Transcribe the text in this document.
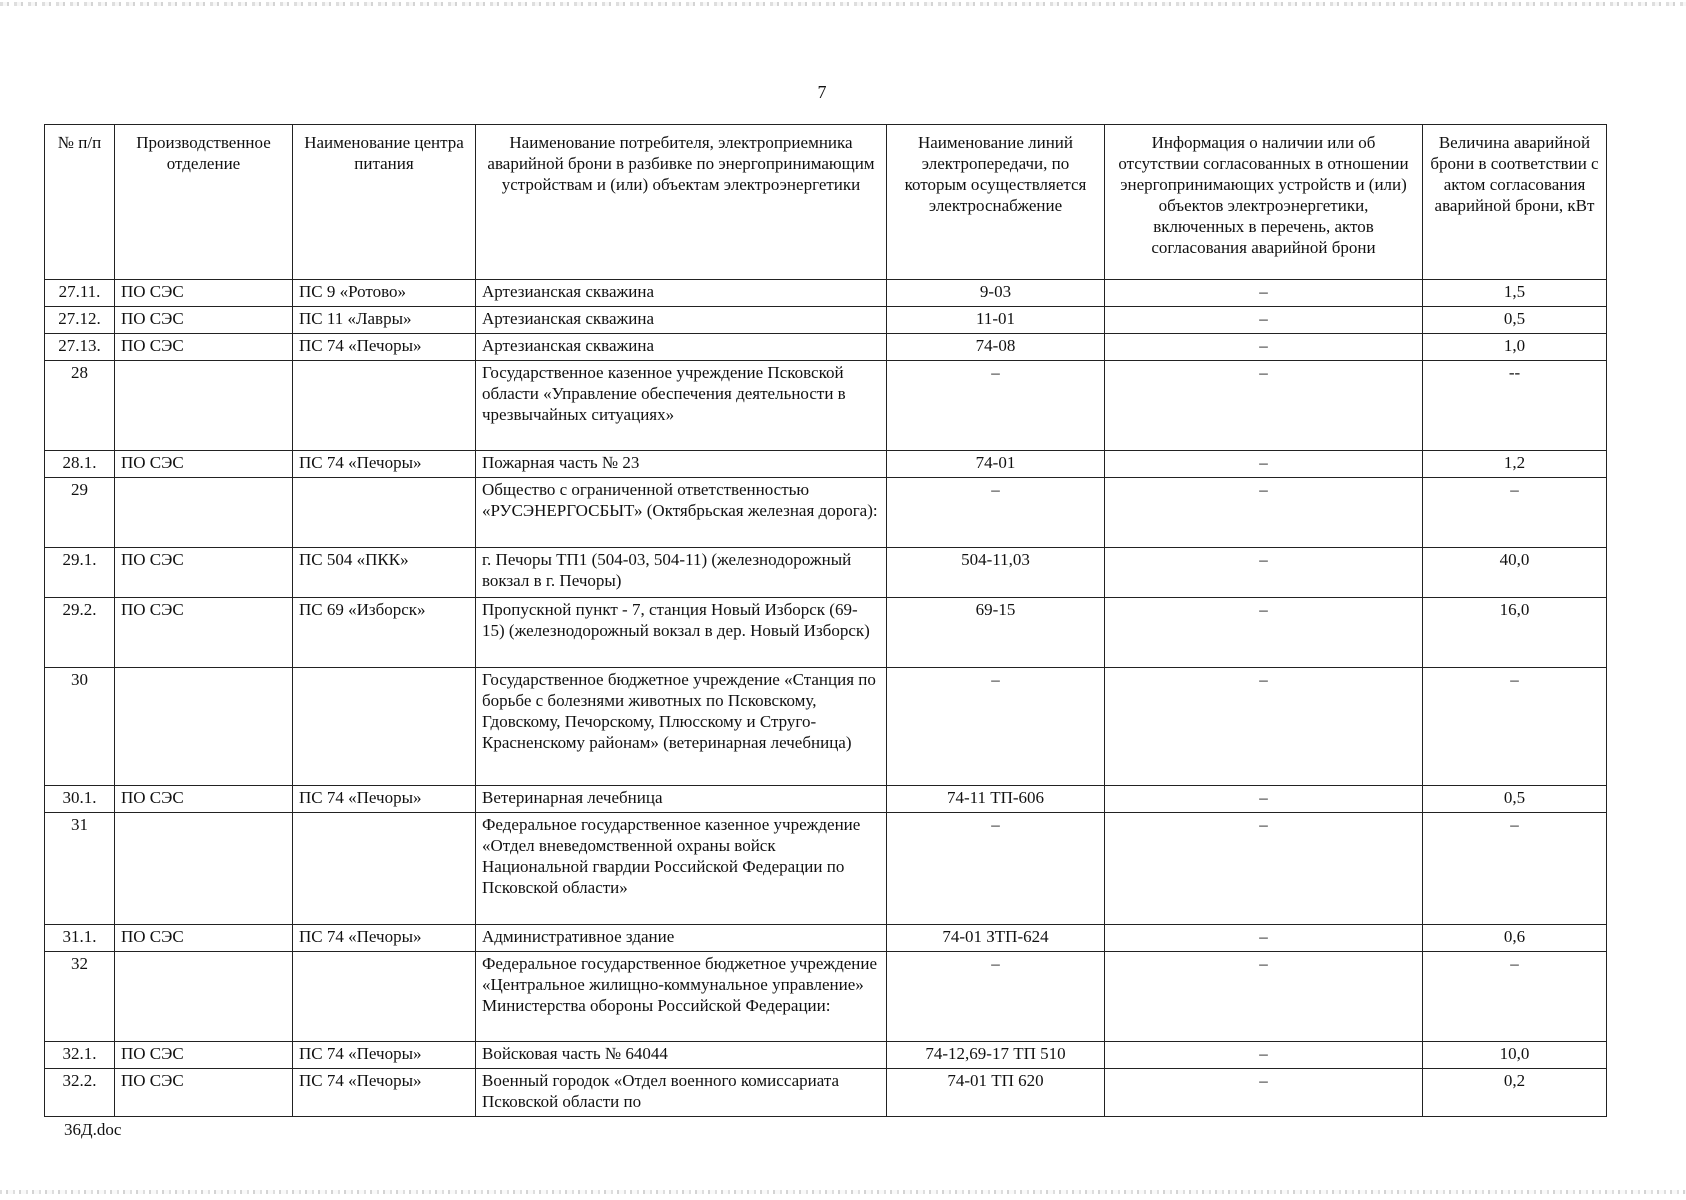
7
№ п/п	Производственное отделение	Наименование центра питания	Наименование потребителя, электроприемника аварийной брони в разбивке по энергопринимающим устройствам и (или) объектам электроэнергетики	Наименование линий электропередачи, по которым осуществляется электроснабжение	Информация о наличии или об отсутствии согласованных в отношении энергопринимающих устройств и (или) объектов электроэнергетики, включенных в перечень, актов согласования аварийной брони	Величина аварийной брони в соответствии с актом согласования аварийной брони, кВт
27.11.	ПО СЭС	ПС 9 «Ротово»	Артезианская скважина	9-03	–	1,5
27.12.	ПО СЭС	ПС 11 «Лавры»	Артезианская скважина	11-01	–	0,5
27.13.	ПО СЭС	ПС 74 «Печоры»	Артезианская скважина	74-08	–	1,0
28			Государственное казенное учреждение Псковской области «Управление обеспечения деятельности в чрезвычайных ситуациях»	–	–	--
28.1.	ПО СЭС	ПС 74 «Печоры»	Пожарная часть № 23	74-01	–	1,2
29			Общество с ограниченной ответственностью «РУСЭНЕРГОСБЫТ» (Октябрьская железная дорога):	–	–	–
29.1.	ПО СЭС	ПС 504 «ПКК»	г. Печоры ТП1 (504-03, 504-11) (железнодорожный вокзал в г. Печоры)	504-11,03	–	40,0
29.2.	ПО СЭС	ПС 69 «Изборск»	Пропускной пункт - 7, станция Новый Изборск (69-15) (железнодорожный вокзал в дер. Новый Изборск)	69-15	–	16,0
30			Государственное бюджетное учреждение «Станция по борьбе с болезнями животных по Псковскому, Гдовскому, Печорскому, Плюсскому и Струго-Красненскому районам» (ветеринарная лечебница)	–	–	–
30.1.	ПО СЭС	ПС 74 «Печоры»	Ветеринарная лечебница	74-11 ТП-606	–	0,5
31			Федеральное государственное казенное учреждение «Отдел вневедомственной охраны войск Национальной гвардии Российской Федерации по Псковской области»	–	–	–
31.1.	ПО СЭС	ПС 74 «Печоры»	Административное здание	74-01 ЗТП-624	–	0,6
32			Федеральное государственное бюджетное учреждение «Центральное жилищно-коммунальное управление» Министерства обороны Российской Федерации:	–	–	–
32.1.	ПО СЭС	ПС 74 «Печоры»	Войсковая часть № 64044	74-12,69-17 ТП 510	–	10,0
32.2.	ПО СЭС	ПС 74 «Печоры»	Военный городок «Отдел военного комиссариата Псковской области по	74-01 ТП 620	–	0,2
36Д.doc
